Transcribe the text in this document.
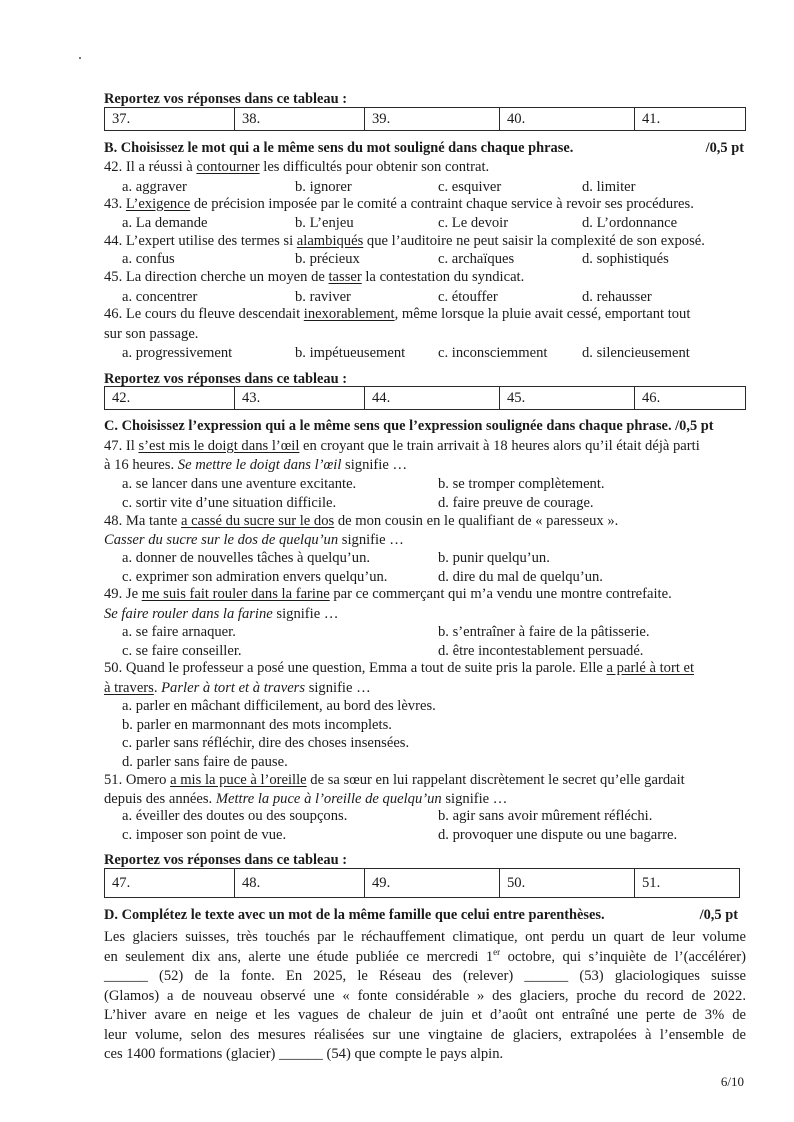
Reportez vos réponses dans ce tableau :
37.	38.	39.	40.	41.
B. Choisissez le mot qui a le même sens du mot souligné dans chaque phrase.	/0,5 pt
42. Il a réussi à contourner les difficultés pour obtenir son contrat.
a. aggraver	b. ignorer	c. esquiver	d. limiter
43. L’exigence de précision imposée par le comité a contraint chaque service à revoir ses procédures.
a. La demande	b. L’enjeu	c. Le devoir	d. L’ordonnance
44. L’expert utilise des termes si alambiqués que l’auditoire ne peut saisir la complexité de son exposé.
a. confus	b. précieux	c. archaïques	d. sophistiqués
45. La direction cherche un moyen de tasser la contestation du syndicat.
a. concentrer	b. raviver	c. étouffer	d. rehausser
46. Le cours du fleuve descendait inexorablement, même lorsque la pluie avait cessé, emportant tout
sur son passage.
a. progressivement	b. impétueusement c. inconsciemment d. silencieusement
Reportez vos réponses dans ce tableau :
42.	43.	44.	45.	46.
C. Choisissez l’expression qui a le même sens que l’expression soulignée dans chaque phrase. /0,5 pt
47. Il s’est mis le doigt dans l’œil en croyant que le train arrivait à 18 heures alors qu’il était déjà parti
à 16 heures. Se mettre le doigt dans l’œil signifie …
a. se lancer dans une aventure excitante.	b. se tromper complètement.
c. sortir vite d’une situation difficile.	d. faire preuve de courage.
48. Ma tante a cassé du sucre sur le dos de mon cousin en le qualifiant de « paresseux ».
Casser du sucre sur le dos de quelqu’un signifie …
a. donner de nouvelles tâches à quelqu’un.	b. punir quelqu’un.
c. exprimer son admiration envers quelqu’un.	d. dire du mal de quelqu’un.
49. Je me suis fait rouler dans la farine par ce commerçant qui m’a vendu une montre contrefaite.
Se faire rouler dans la farine signifie …
a. se faire arnaquer.	b. s’entraîner à faire de la pâtisserie.
c. se faire conseiller.	d. être incontestablement persuadé.
50. Quand le professeur a posé une question, Emma a tout de suite pris la parole. Elle a parlé à tort et
à travers. Parler à tort et à travers signifie …
a. parler en mâchant difficilement, au bord des lèvres.
b. parler en marmonnant des mots incomplets.
c. parler sans réfléchir, dire des choses insensées.
d. parler sans faire de pause.
51. Omero a mis la puce à l’oreille de sa sœur en lui rappelant discrètement le secret qu’elle gardait
depuis des années. Mettre la puce à l’oreille de quelqu’un signifie …
a. éveiller des doutes ou des soupçons.	b. agir sans avoir mûrement réfléchi.
c. imposer son point de vue.	d. provoquer une dispute ou une bagarre.
Reportez vos réponses dans ce tableau :
47.	48.	49.	50.	51.
D. Complétez le texte avec un mot de la même famille que celui entre parenthèses.	/0,5 pt
Les glaciers suisses, très touchés par le réchauffement climatique, ont perdu un quart de leur volume
en seulement dix ans, alerte une étude publiée ce mercredi 1er octobre, qui s’inquiète de l’(accélérer)
______ (52) de la fonte. En 2025, le Réseau des (relever) ______ (53) glaciologiques suisse
(Glamos) a de nouveau observé une « fonte considérable » des glaciers, proche du record de 2022.
L’hiver avare en neige et les vagues de chaleur de juin et d’août ont entraîné une perte de 3% de
leur volume, selon des mesures réalisées sur une vingtaine de glaciers, extrapolées à l’ensemble de
ces 1400 formations (glacier) ______ (54) que compte le pays alpin.
6/10
